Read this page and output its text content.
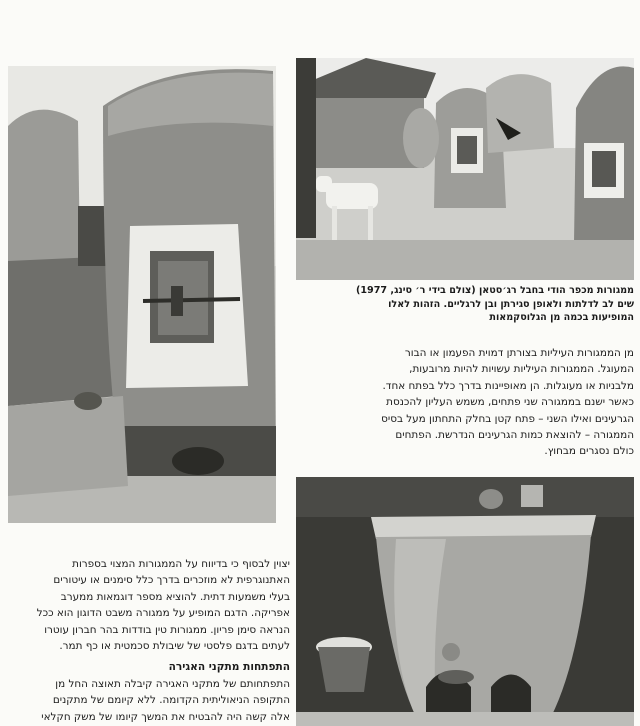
ממגורות מכפר הודי בחבל רג׳סטאן (צולם בידי ר׳ סינג, 1977)
שים לב לדלתות ולאופן סגירתן ובן לרגליים. הזהות לאלו
המופיעות בכמה מן הגלוסקמאות
מן הממגורות העיליות בצורתן דמוית הפעמון או הבור
המעוגל. הממגורות העיליות עשויות להיות מרובעות,
מלבניות או מעוגלות. הן מאופיינות בדרך כלל בפתח אחד.
כאשר ישנם בממגורה שני פתחים, משמש העליון להכנסת
הגרעינים ואילו השני – פתח קטן בחלק התחתון מעל בסיס
הממגורה – להוצאת כמות הגרעינים הנדרשת. הפתחים
כולם נסגרים מבחוץ.
יצוין לבסוף כי בדיווח על הממגורות המצוי בספרות
האתנוגרפית לא מוזכרים בדרך כלל סימנים או עיטורים
בעלי משמעות דתית. להוציא מספר דוגמאות ממערב
אפריקה. הדגם המופיע על ממגורה משבט הדוגון הוא ככל
הנראה סימן פריון. ממגורות טין בודדות בהר חברון עוטרו
לעתים בדגם פלסטי של שיבולת סכמטית או כף תמר.
התפתחות מתקני האגירה
התפתחותם של מתקני האגירה קיבלה תאוצה החל מן
התקופה הניאוליתית הקדומה. ללא קיומם של מתקנים
אלה קשה היה להבטיח את המשך קיומו של משק חקלאי
